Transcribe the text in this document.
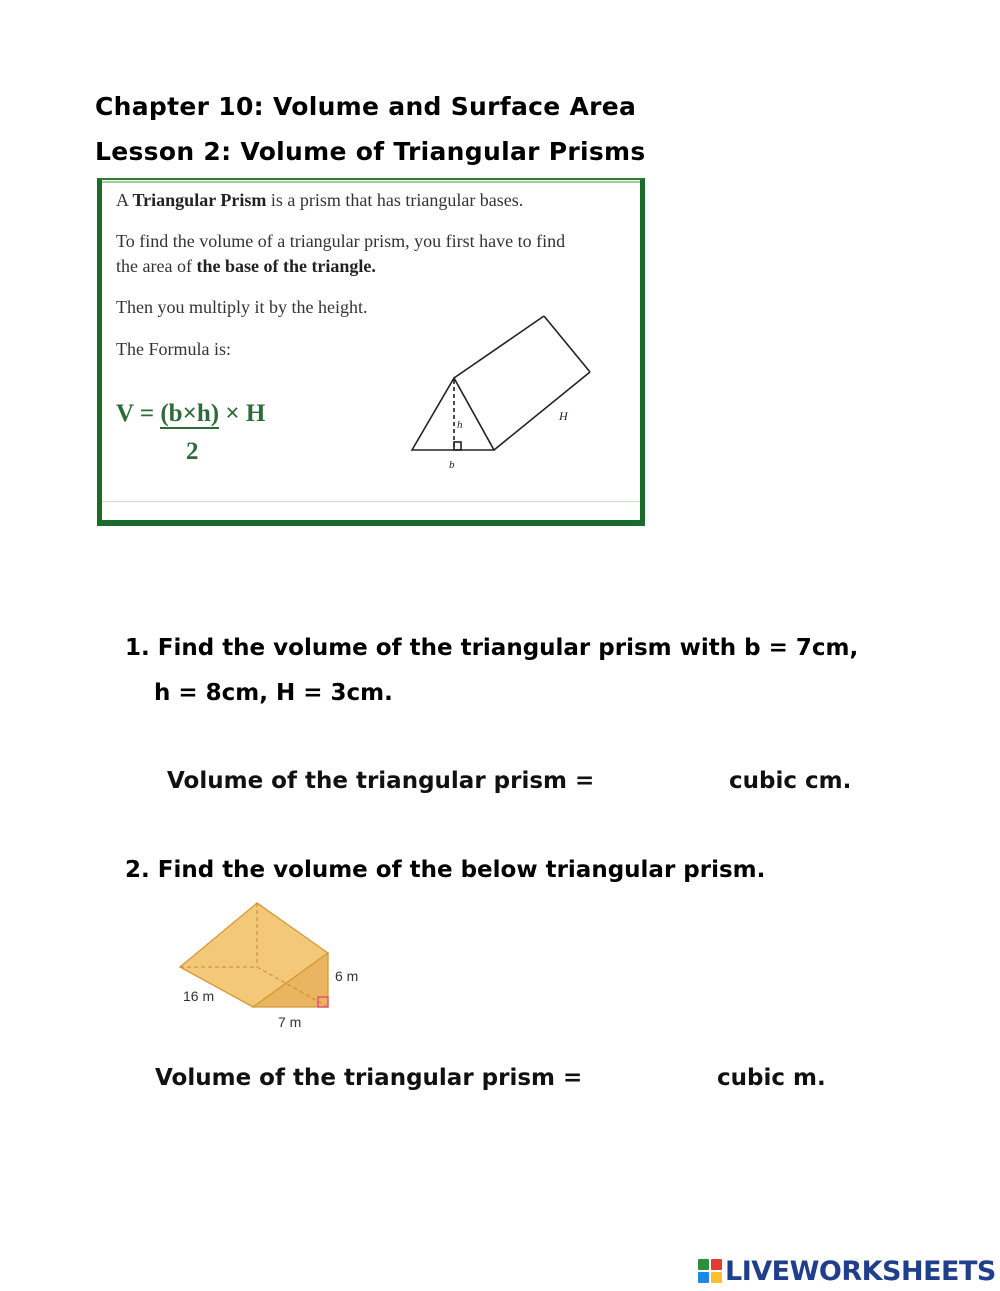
Chapter 10: Volume and Surface Area
Lesson 2: Volume of Triangular Prisms
A Triangular Prism is a prism that has triangular bases.
To find the volume of a triangular prism, you first have to find
the area of the base of the triangle.
Then you multiply it by the height.
The Formula is:
V = (b×h) × H
2
h
b
H
1. Find the volume of the triangular prism with b = 7cm,
h = 8cm, H = 3cm.
Volume of the triangular prism =	cubic cm.
2. Find the volume of the below triangular prism.
6 m
16 m
7 m
Volume of the triangular prism =	cubic m.
LIVEWORKSHEETS
